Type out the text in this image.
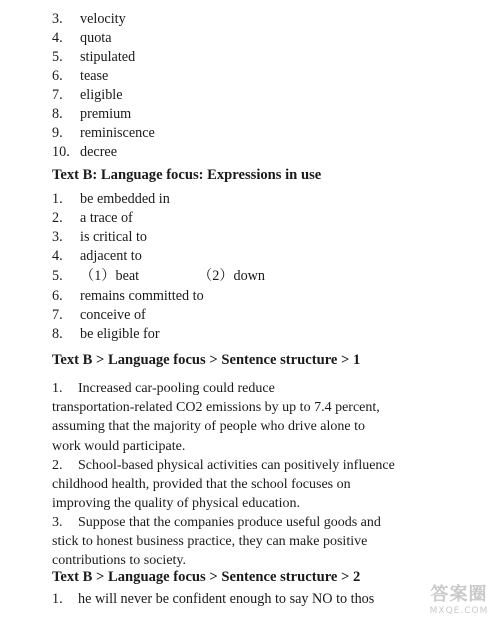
3. velocity
4. quota
5. stipulated
6. tease
7. eligible
8. premium
9. reminiscence
10. decree
Text B: Language focus: Expressions in use
1. be embedded in
2. a trace of
3. is critical to
4. adjacent to
5. （1）beat	（2）down
6. remains committed to
7. conceive of
8. be eligible for
Text B > Language focus > Sentence structure > 1
1. Increased car-pooling could reduce
transportation-related CO2 emissions by up to 7.4 percent,
assuming that the majority of people who drive alone to
work would participate.
2. School-based physical activities can positively influence
childhood health, provided that the school focuses on
improving the quality of physical education.
3. Suppose that the companies produce useful goods and
stick to honest business practice, they can make positive
contributions to society.
Text B > Language focus > Sentence structure > 2
1. he will never be confident enough to say NO to thos	答案圈
MXQE.COM
